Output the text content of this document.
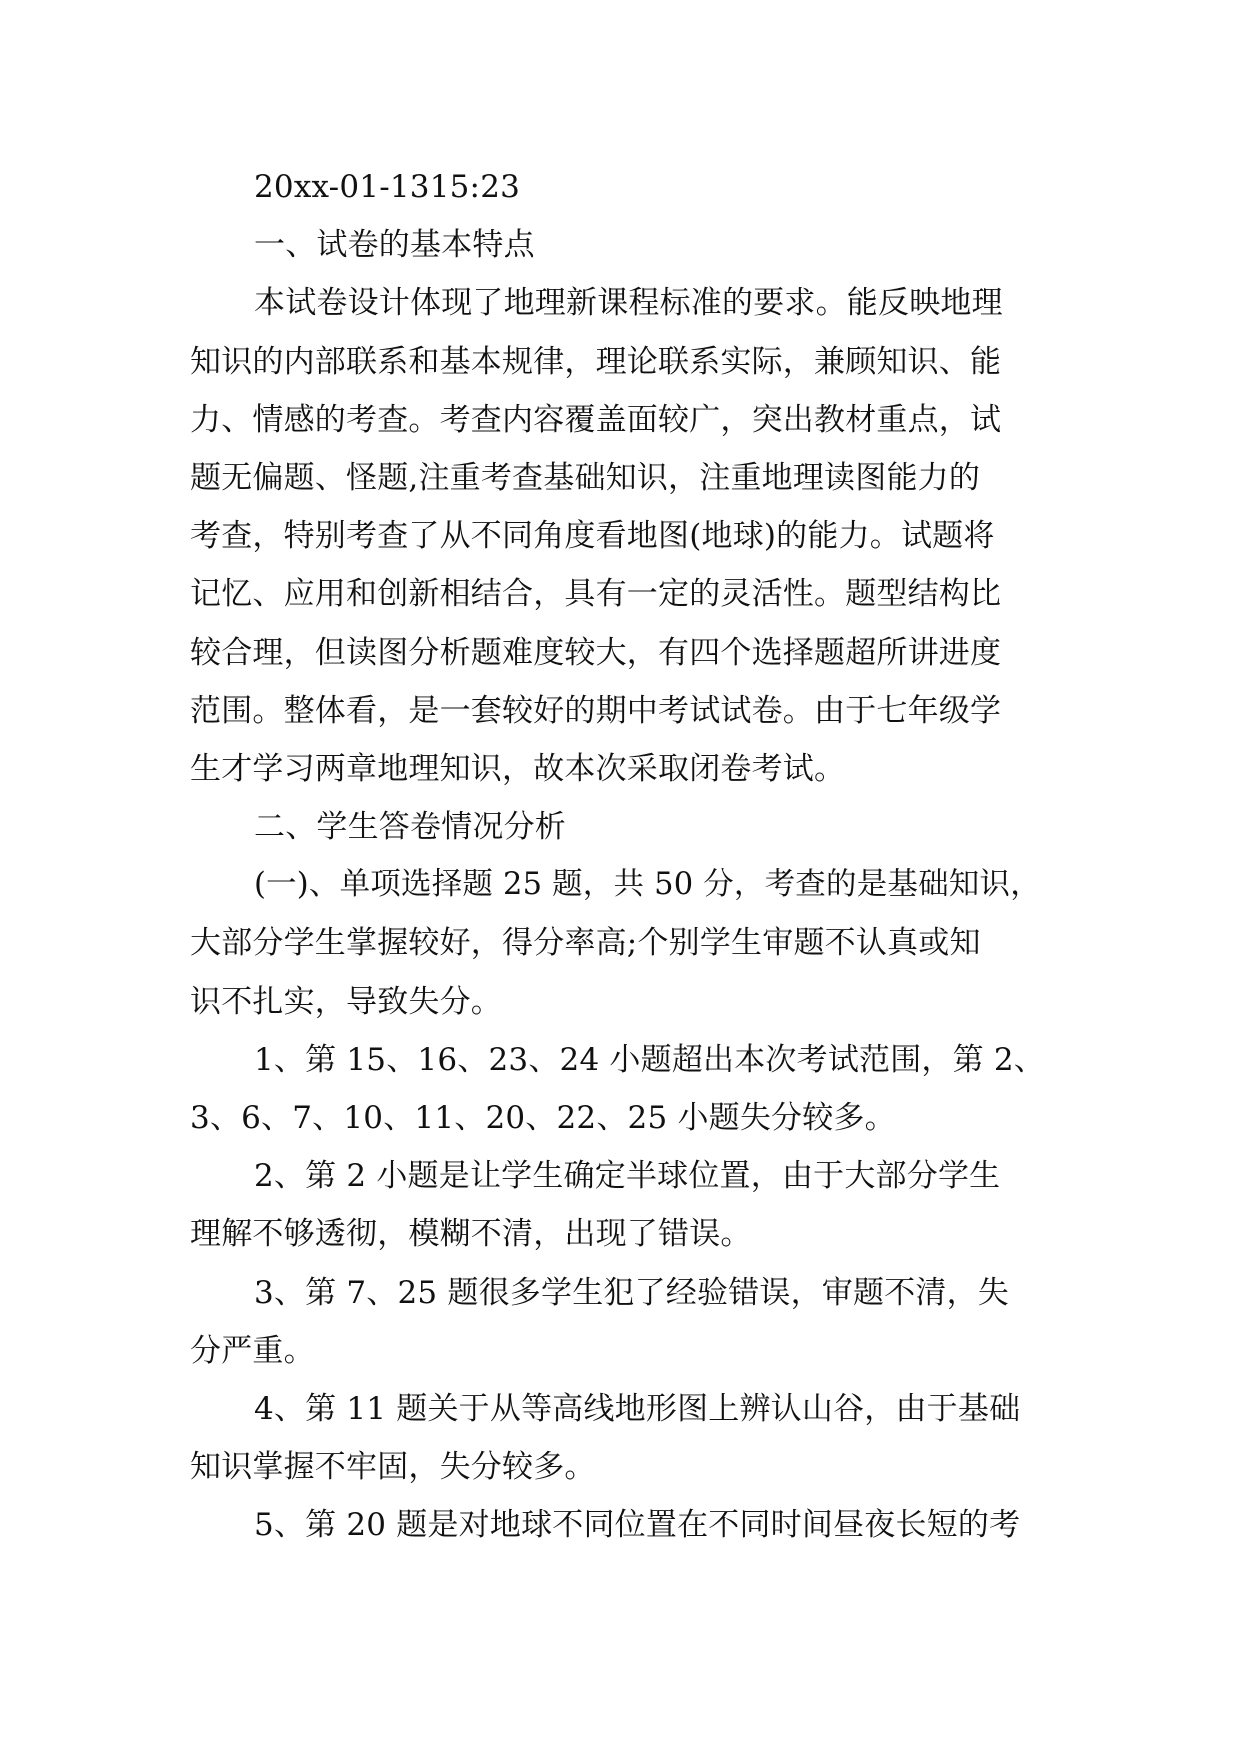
20xx-01-1315:23
一、试卷的基本特点
本试卷设计体现了地理新课程标准的要求。能反映地理
知识的内部联系和基本规律，理论联系实际，兼顾知识、能
力、情感的考查。考查内容覆盖面较广，突出教材重点，试
题无偏题、怪题,注重考查基础知识，注重地理读图能力的
考查，特别考查了从不同角度看地图(地球)的能力。试题将
记忆、应用和创新相结合，具有一定的灵活性。题型结构比
较合理，但读图分析题难度较大，有四个选择题超所讲进度
范围。整体看，是一套较好的期中考试试卷。由于七年级学
生才学习两章地理知识，故本次采取闭卷考试。
二、学生答卷情况分析
(一)、单项选择题 25 题，共 50 分，考查的是基础知识，
大部分学生掌握较好，得分率高;个别学生审题不认真或知
识不扎实，导致失分。
1、第 15、16、23、24 小题超出本次考试范围，第 2、
3、6、7、10、11、20、22、25 小题失分较多。
2、第 2 小题是让学生确定半球位置，由于大部分学生
理解不够透彻，模糊不清，出现了错误。
3、第 7、25 题很多学生犯了经验错误，审题不清，失
分严重。
4、第 11 题关于从等高线地形图上辨认山谷，由于基础
知识掌握不牢固，失分较多。
5、第 20 题是对地球不同位置在不同时间昼夜长短的考
